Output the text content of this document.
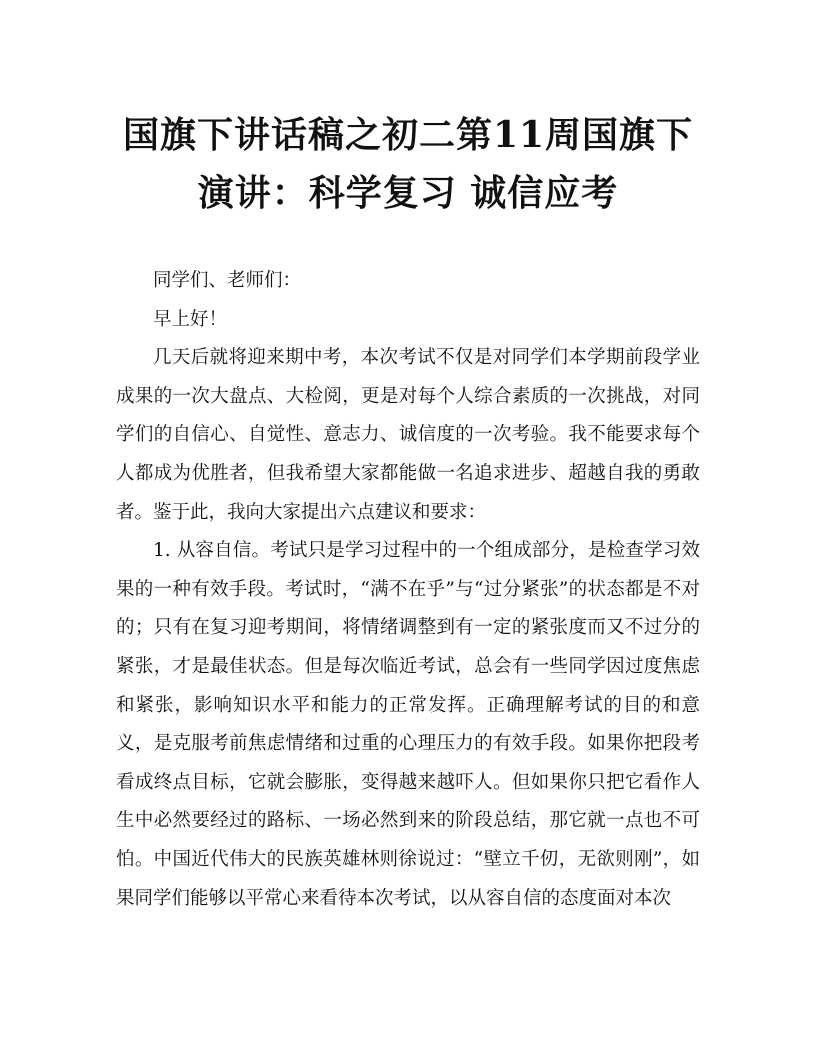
国旗下讲话稿之初二第11周国旗下演讲：科学复习 诚信应考

同学们、老师们：

早上好！

几天后就将迎来期中考，本次考试不仅是对同学们本学期前段学业成果的一次大盘点、大检阅，更是对每个人综合素质的一次挑战，对同学们的自信心、自觉性、意志力、诚信度的一次考验。我不能要求每个人都成为优胜者，但我希望大家都能做一名追求进步、超越自我的勇敢者。鉴于此，我向大家提出六点建议和要求：

1. 从容自信。考试只是学习过程中的一个组成部分，是检查学习效果的一种有效手段。考试时，“满不在乎”与“过分紧张”的状态都是不对的；只有在复习迎考期间，将情绪调整到有一定的紧张度而又不过分的紧张，才是最佳状态。但是每次临近考试，总会有一些同学因过度焦虑和紧张，影响知识水平和能力的正常发挥。正确理解考试的目的和意义，是克服考前焦虑情绪和过重的心理压力的有效手段。如果你把段考看成终点目标，它就会膨胀，变得越来越吓人。但如果你只把它看作人生中必然要经过的路标、一场必然到来的阶段总结，那它就一点也不可怕。中国近代伟大的民族英雄林则徐说过：“壁立千仞，无欲则刚”，如果同学们能够以平常心来看待本次考试，以从容自信的态度面对本次
